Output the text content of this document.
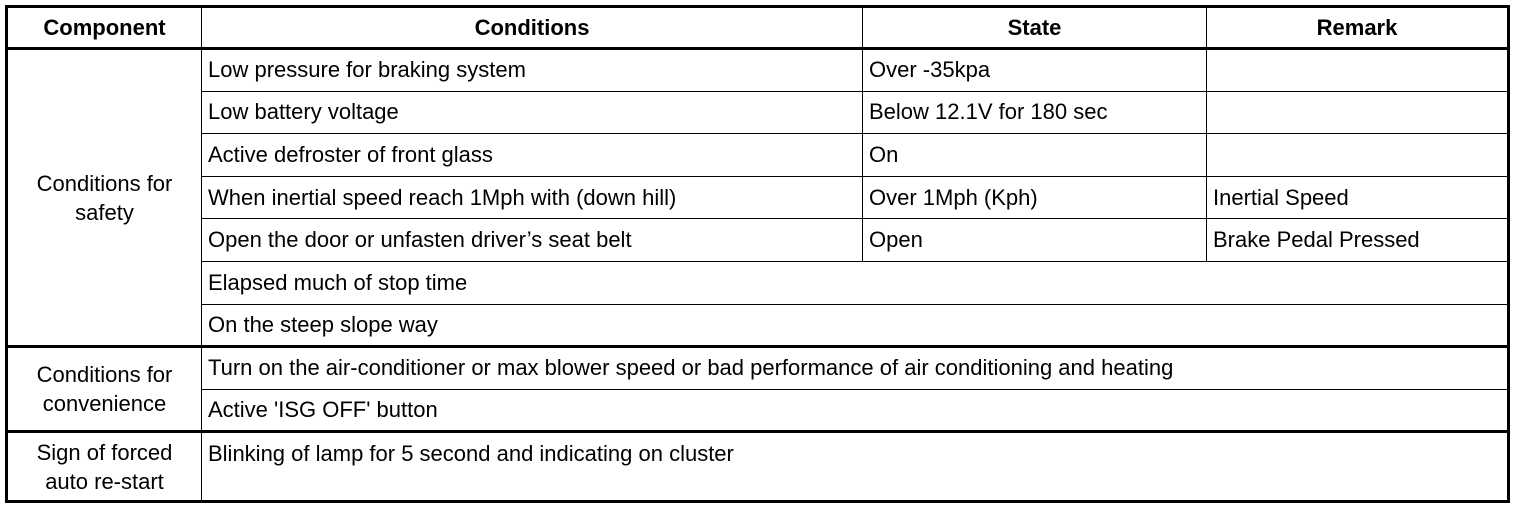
Component	Conditions	State	Remark
Conditions for
safety	Low pressure for braking system	Over -35kpa	
	Low battery voltage	Below 12.1V for 180 sec	
	Active defroster of front glass	On	
	When inertial speed reach 1Mph with (down hill)	Over 1Mph (Kph)	Inertial Speed
	Open the door or unfasten driver’s seat belt	Open	Brake Pedal Pressed
	Elapsed much of stop time		
	On the steep slope way		
Conditions for
convenience	Turn on the air-conditioner or max blower speed or bad performance of air conditioning and heating		
	Active 'ISG OFF' button		
Sign of forced
auto re-start	Blinking of lamp for 5 second and indicating on cluster		
